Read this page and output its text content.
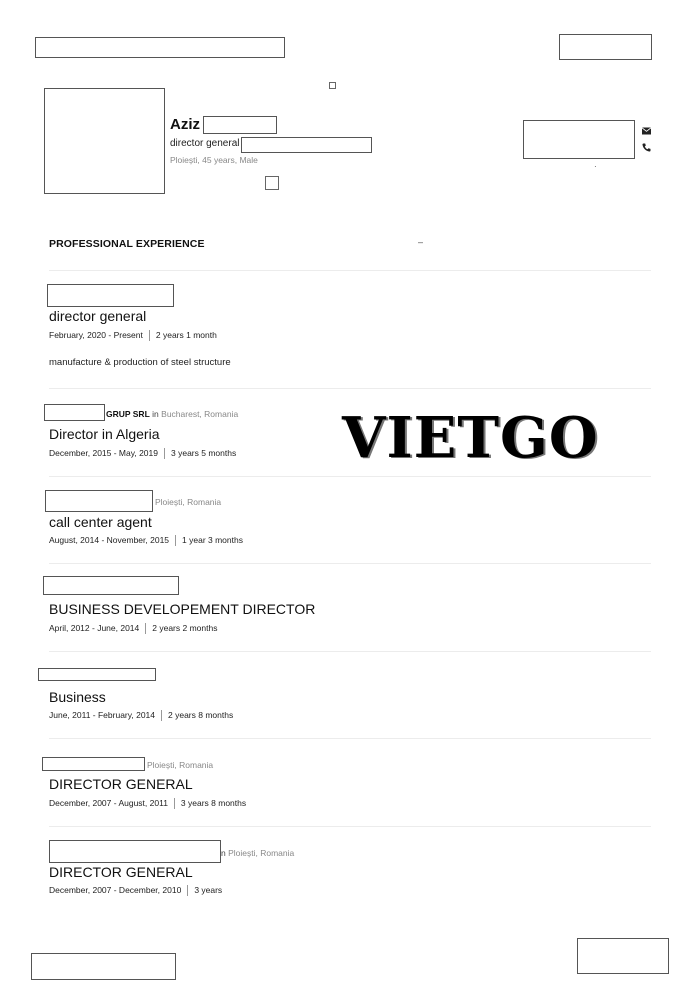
Aziz
director general
Ploiești, 45 years, Male
·
PROFESSIONAL EXPERIENCE	–
director general
February, 2020 - Present 2 years 1 month
manufacture & production of steel structure
GRUP SRL in Bucharest, Romania
Director in Algeria
December, 2015 - May, 2019 3 years 5 months
Ploiești, Romania
call center agent
August, 2014 - November, 2015 1 year 3 months
BUSINESS DEVELOPEMENT DIRECTOR
April, 2012 - June, 2014 2 years 2 months
Business
June, 2011 - February, 2014 2 years 8 months
Ploiești, Romania
DIRECTOR GENERAL
December, 2007 - August, 2011 3 years 8 months
n Ploiești, Romania
DIRECTOR GENERAL
December, 2007 - December, 2010 3 years
VIETGO
